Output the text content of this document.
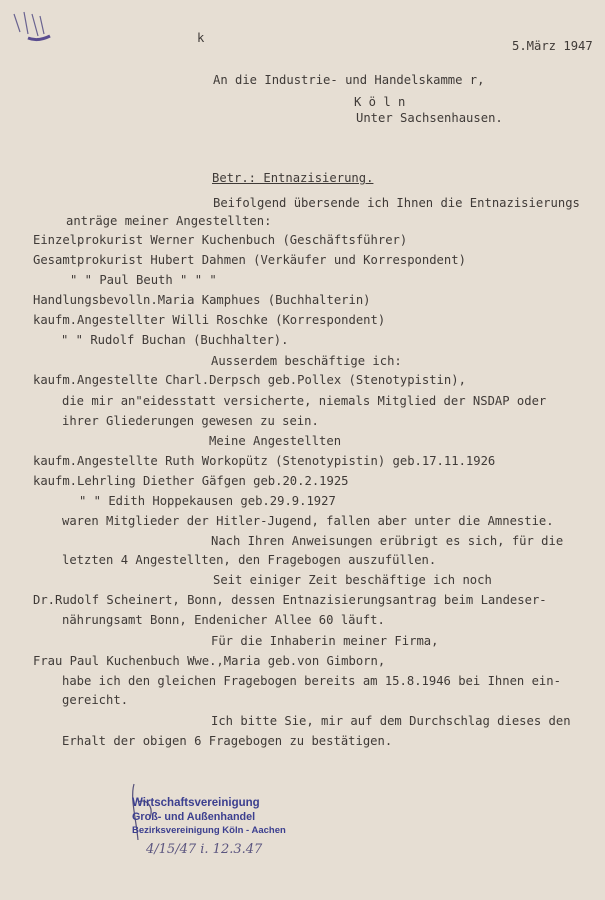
k
5.März 1947
An die Industrie- und Handelskamme r,
K ö l n
Unter Sachsenhausen.
Betr.: Entnazisierung.
Beifolgend übersende ich Ihnen die Entnazisierungs
anträge meiner Angestellten:
Einzelprokurist Werner Kuchenbuch (Geschäftsführer)
Gesamtprokurist Hubert Dahmen (Verkäufer und Korrespondent)
" " Paul Beuth " " "
Handlungsbevolln.Maria Kamphues (Buchhalterin)
kaufm.Angestellter Willi Roschke (Korrespondent)
" " Rudolf Buchan (Buchhalter).
Ausserdem beschäftige ich:
kaufm.Angestellte Charl.Derpsch geb.Pollex (Stenotypistin),
die mir an"eidesstatt versicherte, niemals Mitglied der NSDAP oder
ihrer Gliederungen gewesen zu sein.
Meine Angestellten
kaufm.Angestellte Ruth Workopütz (Stenotypistin) geb.17.11.1926
kaufm.Lehrling Diether Gäfgen geb.20.2.1925
" " Edith Hoppekausen geb.29.9.1927
waren Mitglieder der Hitler-Jugend, fallen aber unter die Amnestie.
Nach Ihren Anweisungen erübrigt es sich, für die
letzten 4 Angestellten, den Fragebogen auszufüllen.
Seit einiger Zeit beschäftige ich noch
Dr.Rudolf Scheinert, Bonn, dessen Entnazisierungsantrag beim Landeser-
nährungsamt Bonn, Endenicher Allee 60 läuft.
Für die Inhaberin meiner Firma,
Frau Paul Kuchenbuch Wwe.,Maria geb.von Gimborn,
habe ich den gleichen Fragebogen bereits am 15.8.1946 bei Ihnen ein-
gereicht.
Ich bitte Sie, mir auf dem Durchschlag dieses den
Erhalt der obigen 6 Fragebogen zu bestätigen.
Wirtschaftsvereinigung
Groß- und Außenhandel
Bezirksvereinigung Köln - Aachen
4/15/47 i. 12.3.47
